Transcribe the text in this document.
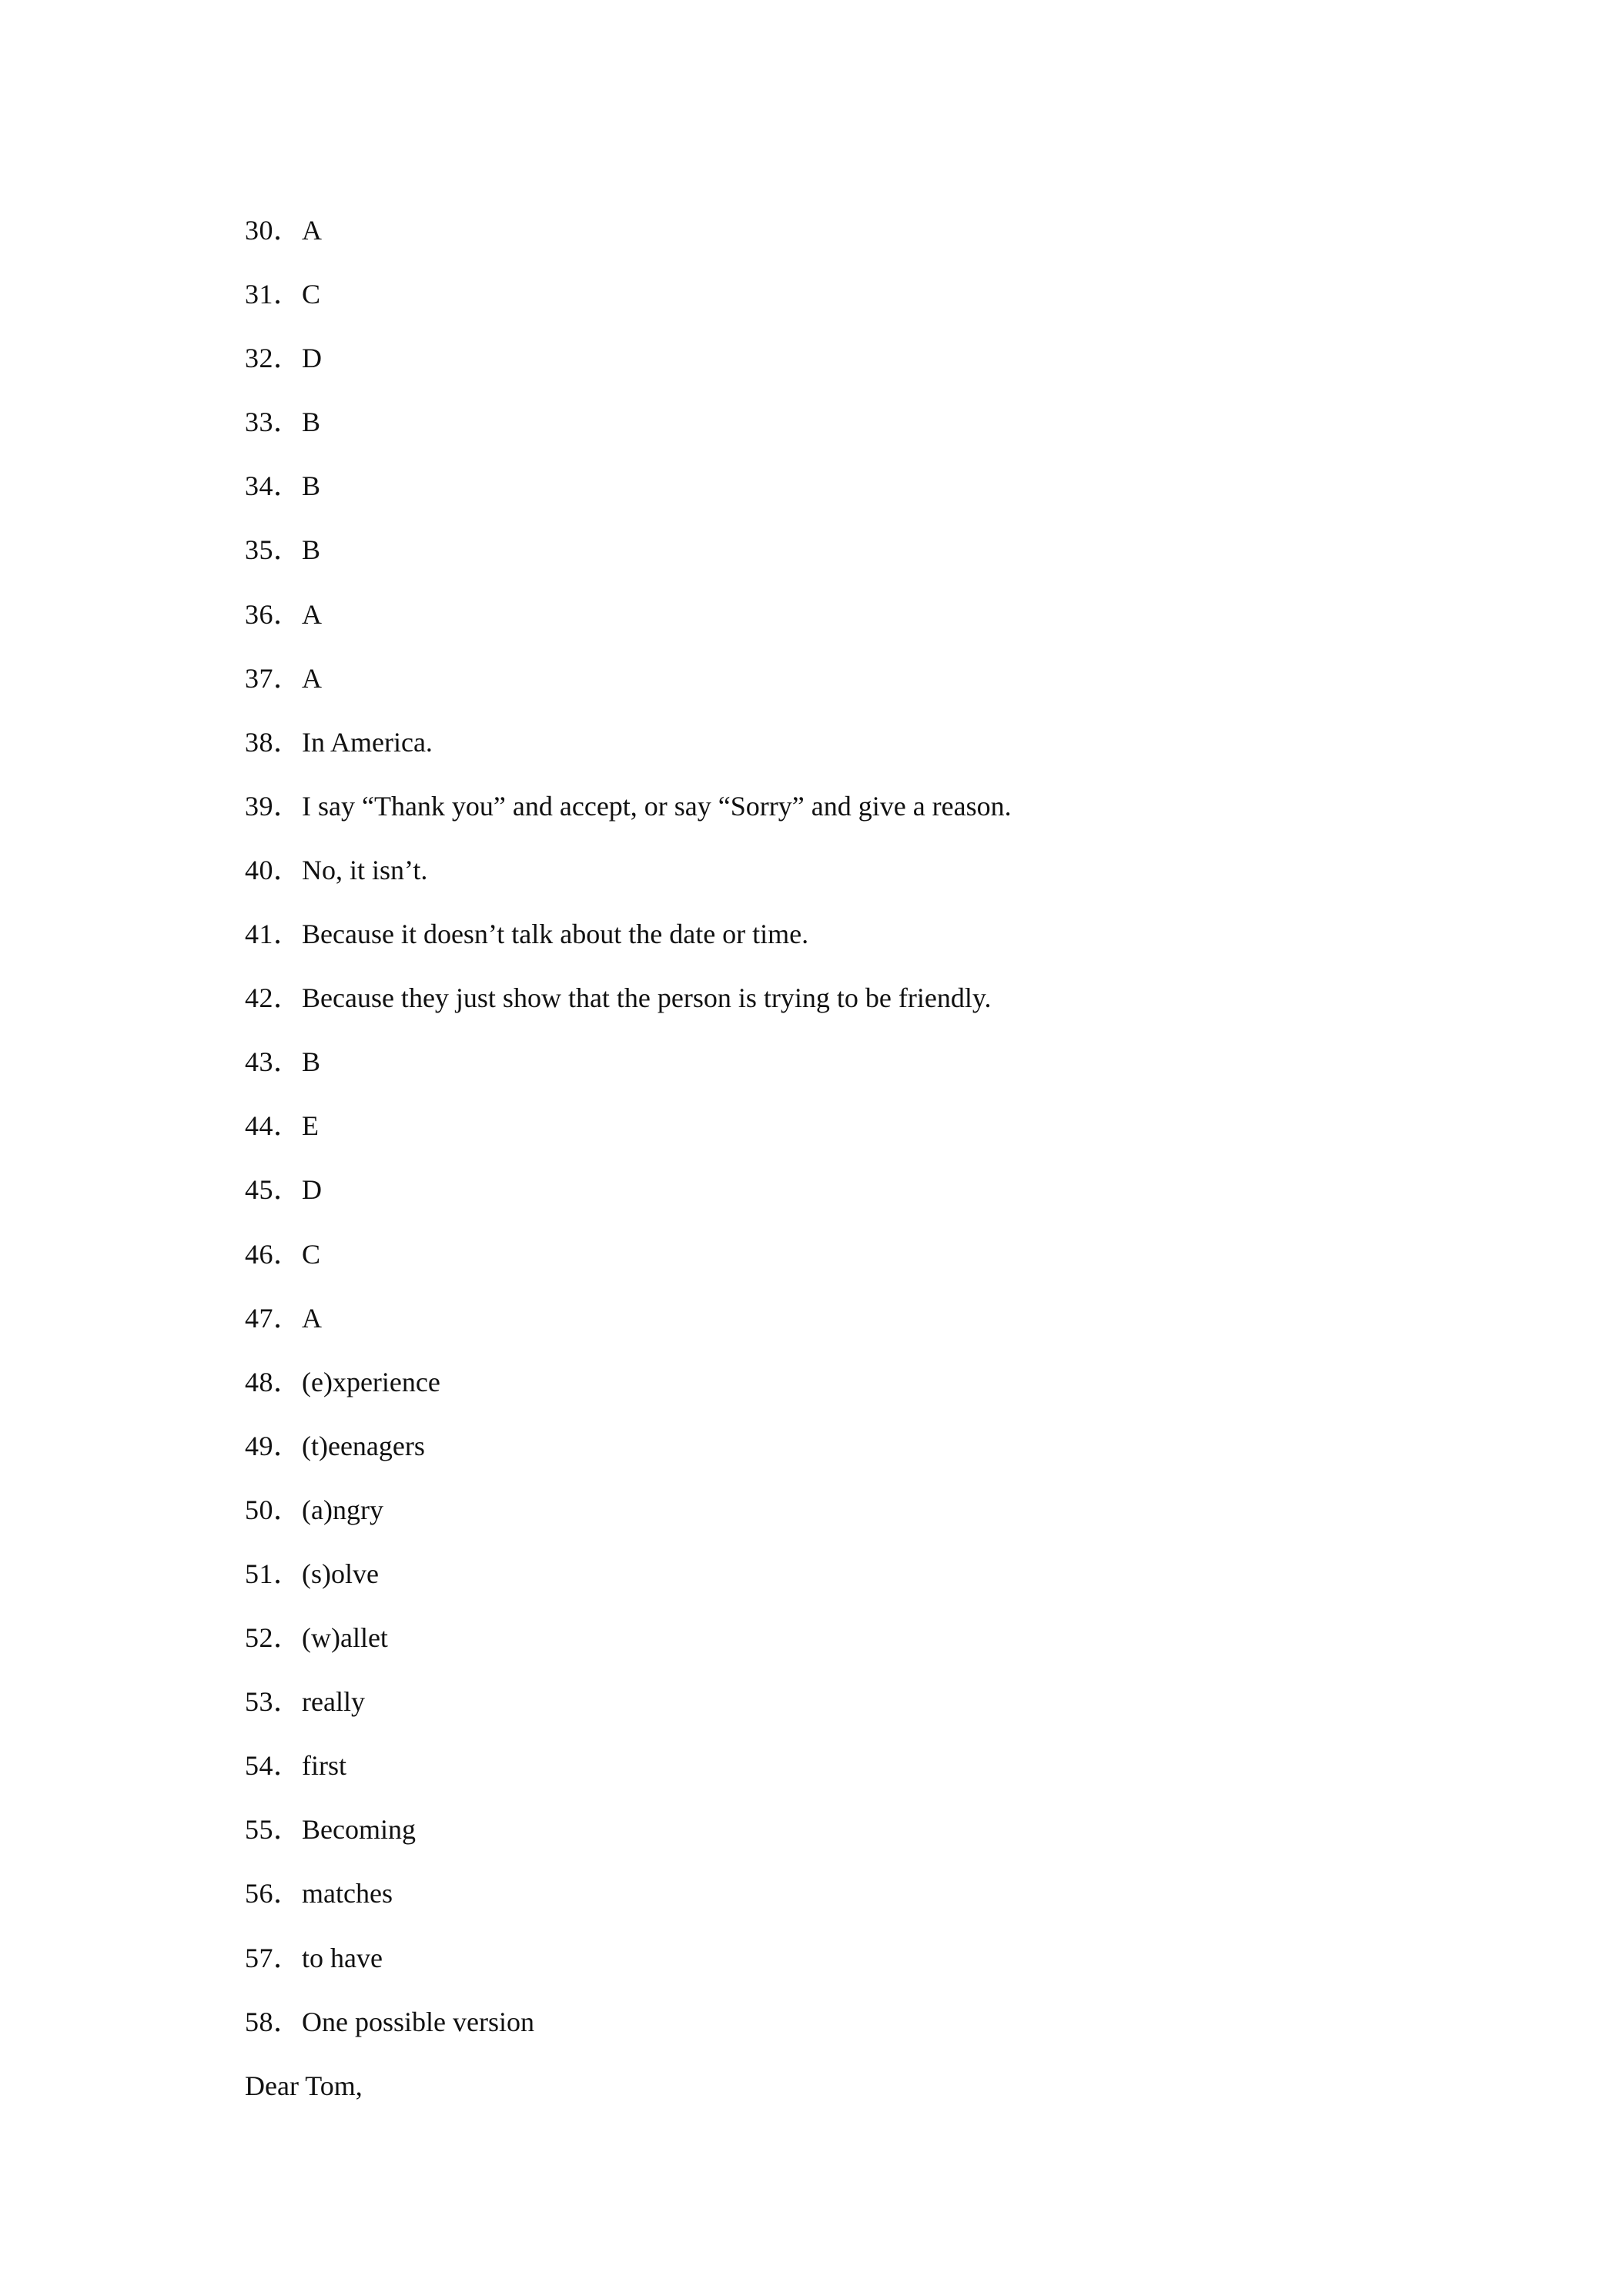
30．A
31．C
32．D
33．B
34．B
35．B
36．A
37．A
38．In America.
39．I say “Thank you” and accept, or say “Sorry” and give a reason.
40．No, it isn’t.
41．Because it doesn’t talk about the date or time.
42．Because they just show that the person is trying to be friendly.
43．B
44．E
45．D
46．C
47．A
48．(e)xperience
49．(t)eenagers
50．(a)ngry
51．(s)olve
52．(w)allet
53．really
54．first
55．Becoming
56．matches
57．to have
58．One possible version
Dear Tom,
